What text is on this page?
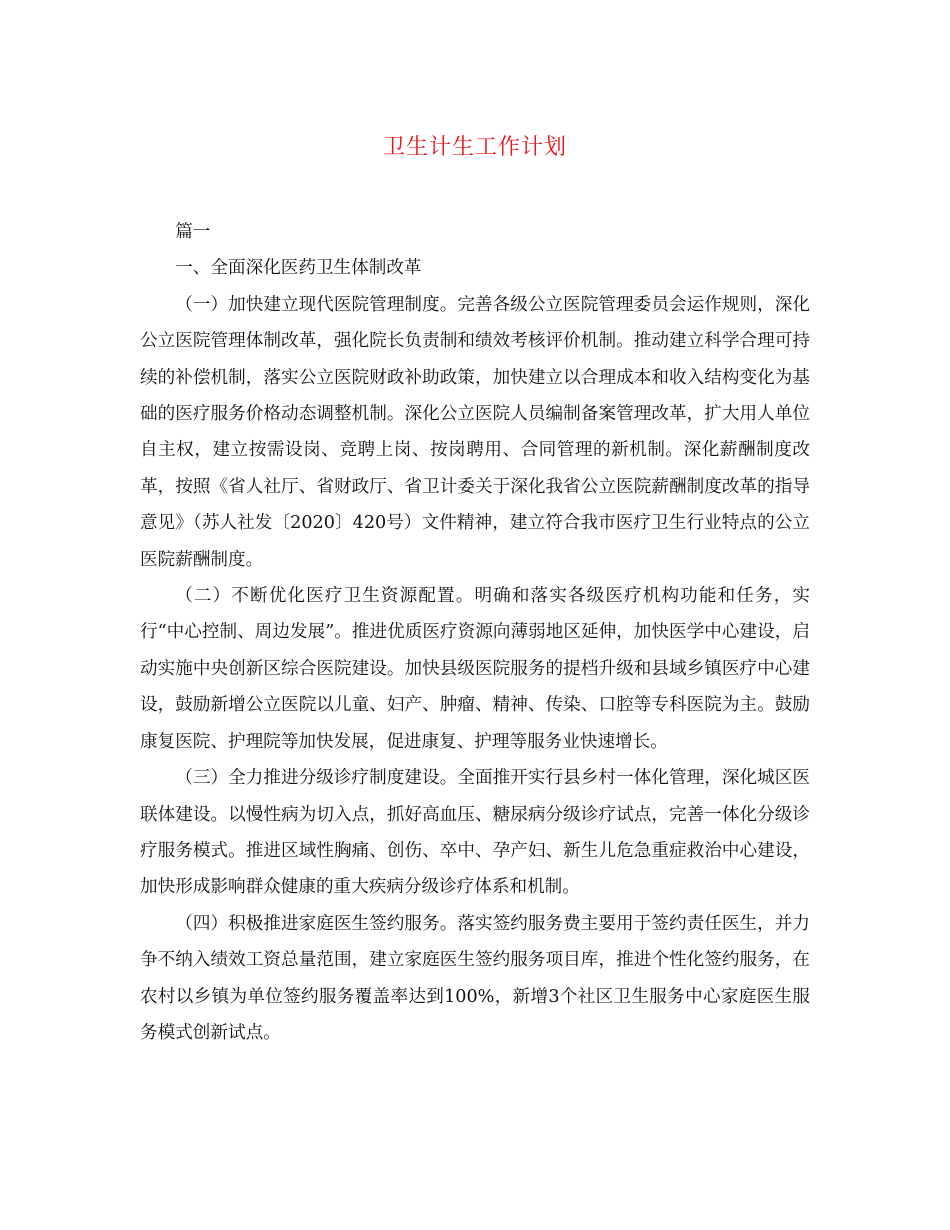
卫生计生工作计划

篇一

一、全面深化医药卫生体制改革

（一）加快建立现代医院管理制度。完善各级公立医院管理委员会运作规则，深化公立医院管理体制改革，强化院长负责制和绩效考核评价机制。推动建立科学合理可持续的补偿机制，落实公立医院财政补助政策，加快建立以合理成本和收入结构变化为基础的医疗服务价格动态调整机制。深化公立医院人员编制备案管理改革，扩大用人单位自主权，建立按需设岗、竞聘上岗、按岗聘用、合同管理的新机制。深化薪酬制度改革，按照《省人社厅、省财政厅、省卫计委关于深化我省公立医院薪酬制度改革的指导意见》（苏人社发〔2020〕420号）文件精神，建立符合我市医疗卫生行业特点的公立医院薪酬制度。

（二）不断优化医疗卫生资源配置。明确和落实各级医疗机构功能和任务，实行“中心控制、周边发展”。推进优质医疗资源向薄弱地区延伸，加快医学中心建设，启动实施中央创新区综合医院建设。加快县级医院服务的提档升级和县域乡镇医疗中心建设，鼓励新增公立医院以儿童、妇产、肿瘤、精神、传染、口腔等专科医院为主。鼓励康复医院、护理院等加快发展，促进康复、护理等服务业快速增长。

（三）全力推进分级诊疗制度建设。全面推开实行县乡村一体化管理，深化城区医联体建设。以慢性病为切入点，抓好高血压、糖尿病分级诊疗试点，完善一体化分级诊疗服务模式。推进区域性胸痛、创伤、卒中、孕产妇、新生儿危急重症救治中心建设，加快形成影响群众健康的重大疾病分级诊疗体系和机制。

（四）积极推进家庭医生签约服务。落实签约服务费主要用于签约责任医生，并力争不纳入绩效工资总量范围，建立家庭医生签约服务项目库，推进个性化签约服务，在农村以乡镇为单位签约服务覆盖率达到100%，新增3个社区卫生服务中心家庭医生服务模式创新试点。
